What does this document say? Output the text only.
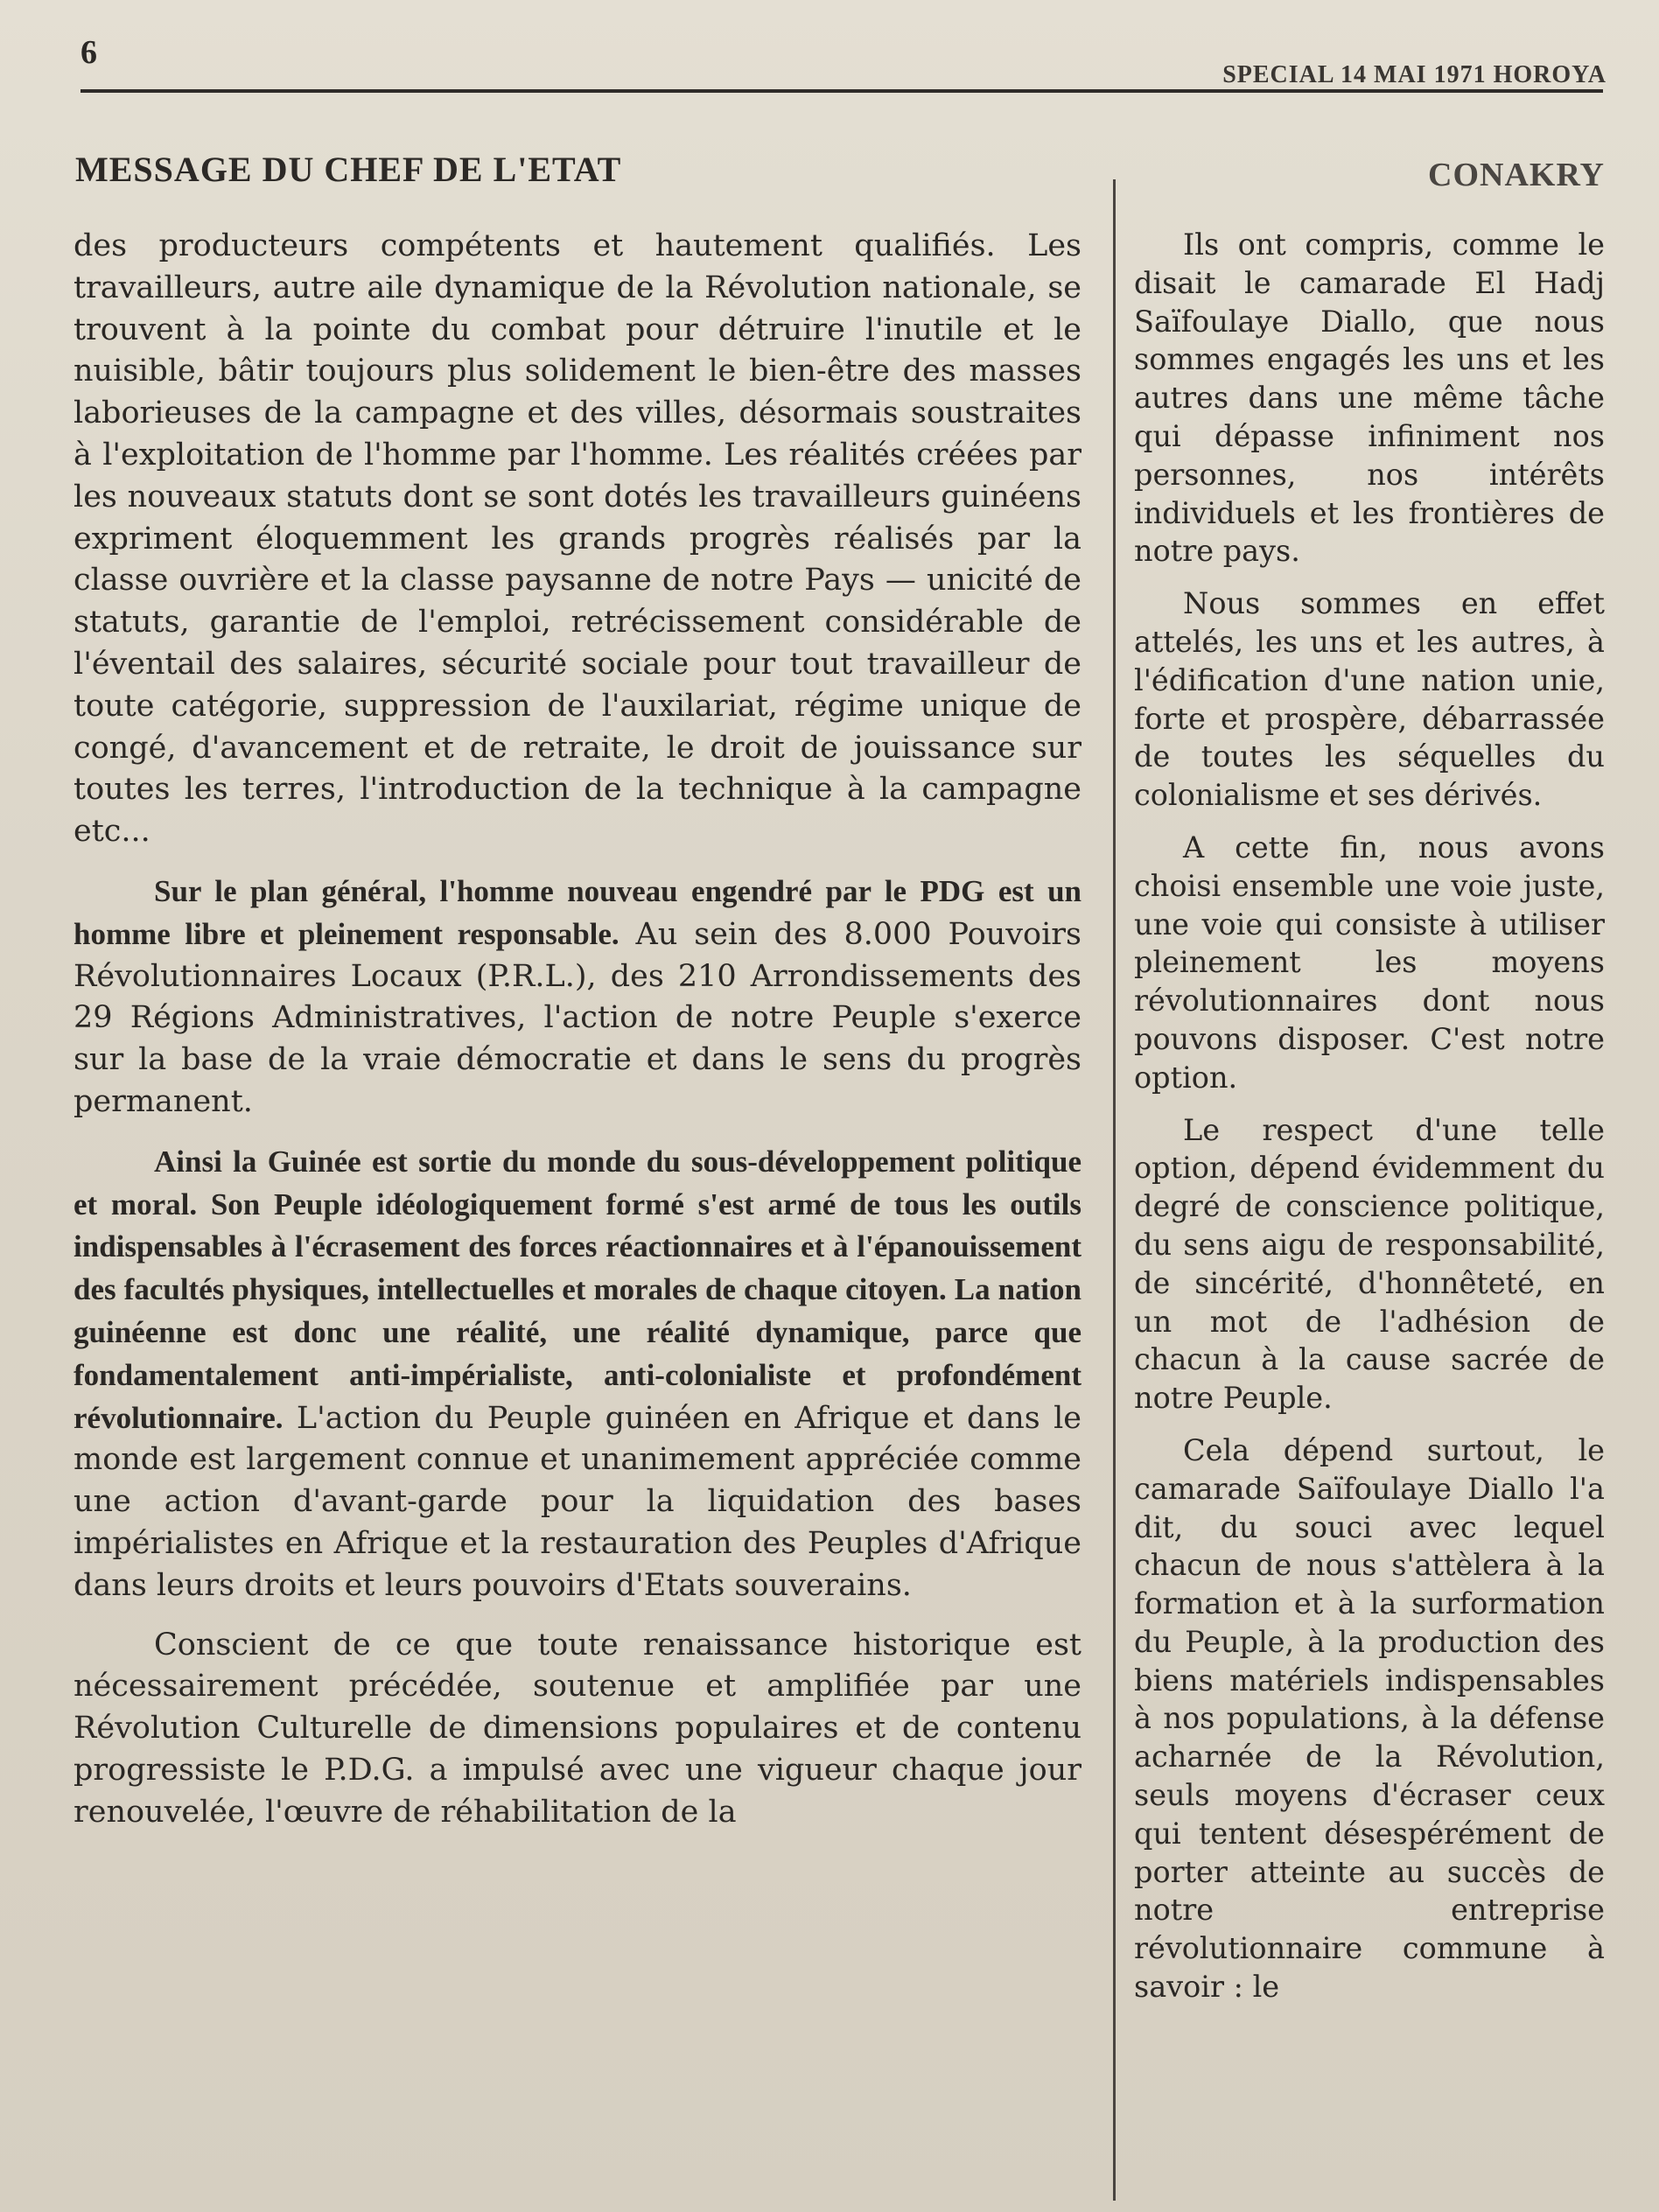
6
SPECIAL 14 MAI 1971 HOROYA
MESSAGE DU CHEF DE L'ETAT	CONAKRY

des producteurs compétents et hautement qualifiés. Les travailleurs, autre aile dynamique de la Révolution nationale, se trouvent à la pointe du combat pour détruire l'inutile et le nuisible, bâtir toujours plus solidement le bien-être des masses laborieuses de la campagne et des villes, désormais soustraites à l'exploitation de l'homme par l'homme. Les réalités créées par les nouveaux statuts dont se sont dotés les travailleurs guinéens expriment éloquemment les grands progrès réalisés par la classe ouvrière et la classe paysanne de notre Pays — unicité de statuts, garantie de l'emploi, retrécissement considérable de l'éventail des salaires, sécurité sociale pour tout travailleur de toute catégorie, suppression de l'auxilariat, régime unique de congé, d'avancement et de retraite, le droit de jouissance sur toutes les terres, l'introduction de la technique à la campagne etc...

Sur le plan général, l'homme nouveau engendré par le PDG est un homme libre et pleinement responsable. Au sein des 8.000 Pouvoirs Révolutionnaires Locaux (P.R.L.), des 210 Arrondissements des 29 Régions Administratives, l'action de notre Peuple s'exerce sur la base de la vraie démocratie et dans le sens du progrès permanent.

Ainsi la Guinée est sortie du monde du sous-développement politique et moral. Son Peuple idéologiquement formé s'est armé de tous les outils indispensables à l'écrasement des forces réactionnaires et à l'épanouissement des facultés physiques, intellectuelles et morales de chaque citoyen. La nation guinéenne est donc une réalité, une réalité dynamique, parce que fondamentalement anti-impérialiste, anti-colonialiste et profondément révolutionnaire. L'action du Peuple guinéen en Afrique et dans le monde est largement connue et unanimement appréciée comme une action d'avant-garde pour la liquidation des bases impérialistes en Afrique et la restauration des Peuples d'Afrique dans leurs droits et leurs pouvoirs d'Etats souverains.

Conscient de ce que toute renaissance historique est nécessairement précédée, soutenue et amplifiée par une Révolution Culturelle de dimensions populaires et de contenu progressiste le P.D.G. a impulsé avec une vigueur chaque jour renouvelée, l'œuvre de réhabilitation de la

Ils ont compris, comme le disait le camarade El Hadj Saïfoulaye Diallo, que nous sommes engagés les uns et les autres dans une même tâche qui dépasse infiniment nos personnes, nos intérêts individuels et les frontières de notre pays.

Nous sommes en effet attelés, les uns et les autres, à l'édification d'une nation unie, forte et prospère, débarrassée de toutes les séquelles du colonialisme et ses dérivés.

A cette fin, nous avons choisi ensemble une voie juste, une voie qui consiste à utiliser pleinement les moyens révolutionnaires dont nous pouvons disposer. C'est notre option.

Le respect d'une telle option, dépend évidemment du degré de conscience politique, du sens aigu de responsabilité, de sincérité, d'honnêteté, en un mot de l'adhésion de chacun à la cause sacrée de notre Peuple.

Cela dépend surtout, le camarade Saïfoulaye Diallo l'a dit, du souci avec lequel chacun de nous s'attèlera à la formation et à la surformation du Peuple, à la production des biens matériels indispensables à nos populations, à la défense acharnée de la Révolution, seuls moyens d'écraser ceux qui tentent désespérément de porter atteinte au succès de notre entreprise révolutionnaire commune à savoir : le
